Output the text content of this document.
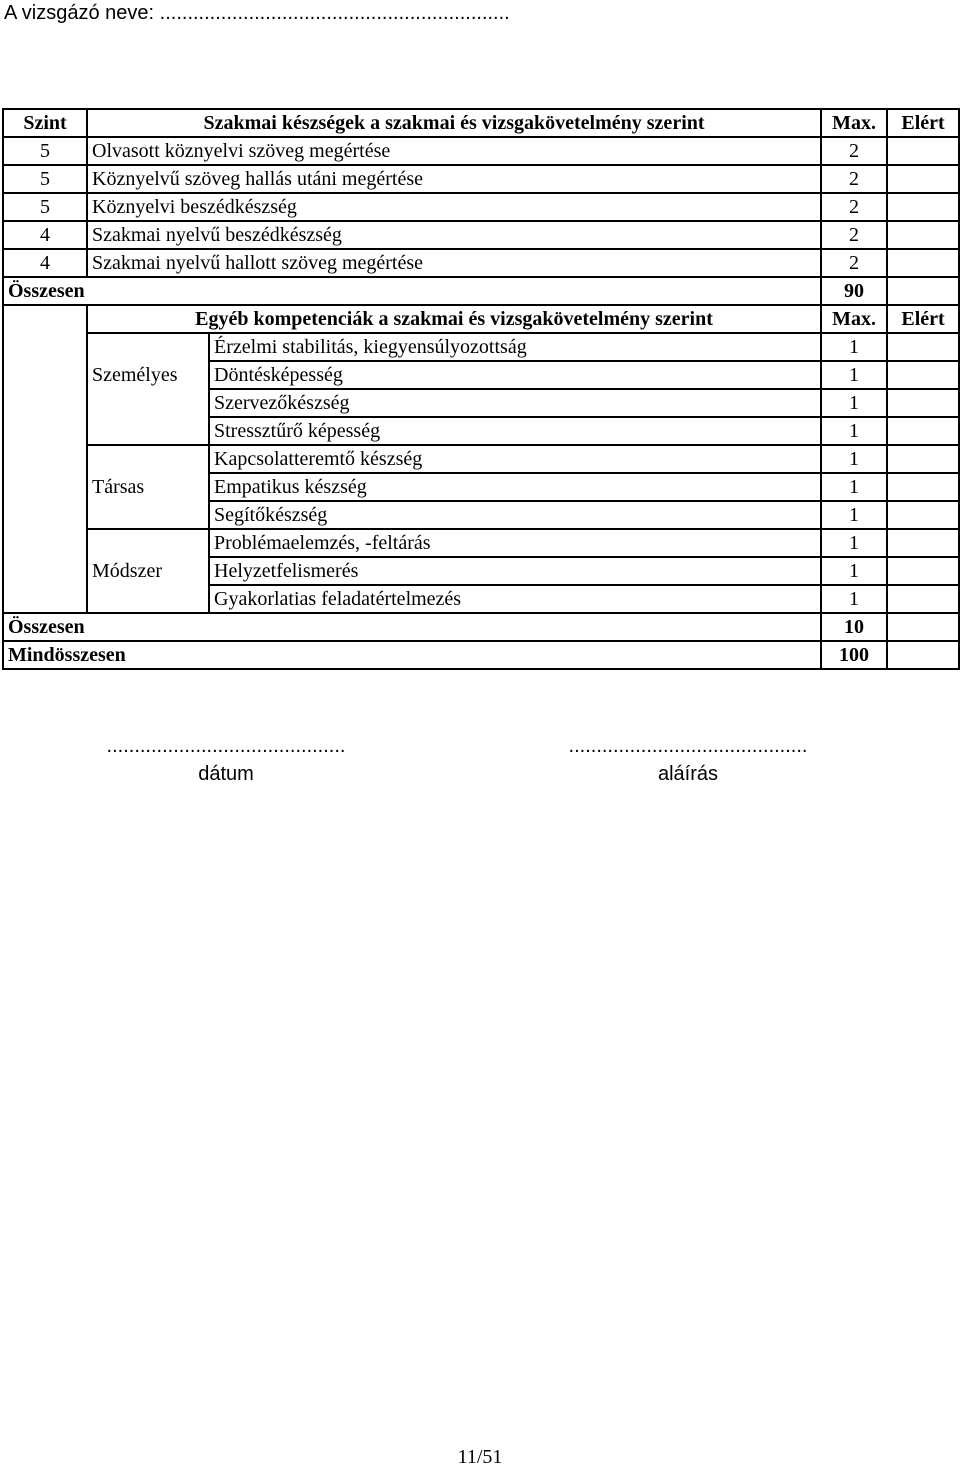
A vizsgázó neve: ...............................................................
Szint	Szakmai készségek a szakmai és vizsgakövetelmény szerint		Max.	Elért
5	Olvasott köznyelvi szöveg megértése		2	
5	Köznyelvű szöveg hallás utáni megértése		2	
5	Köznyelvi beszédkészség		2	
4	Szakmai nyelvű beszédkészség		2	
4	Szakmai nyelvű hallott szöveg megértése		2	
Összesen			90	
	Egyéb kompetenciák a szakmai és vizsgakövetelmény szerint		Max.	Elért
	Személyes	Érzelmi stabilitás, kiegyensúlyozottság	1	
		Döntésképesség	1	
		Szervezőkészség	1	
		Stressztűrő képesség	1	
	Társas	Kapcsolatteremtő készség	1	
		Empatikus készség	1	
		Segítőkészség	1	
	Módszer	Problémaelemzés, -feltárás	1	
		Helyzetfelismerés	1	
		Gyakorlatias feladatértelmezés	1	
Összesen			10	
Mindösszesen			100	
...........................................
dátum
...........................................
aláírás
11/51
